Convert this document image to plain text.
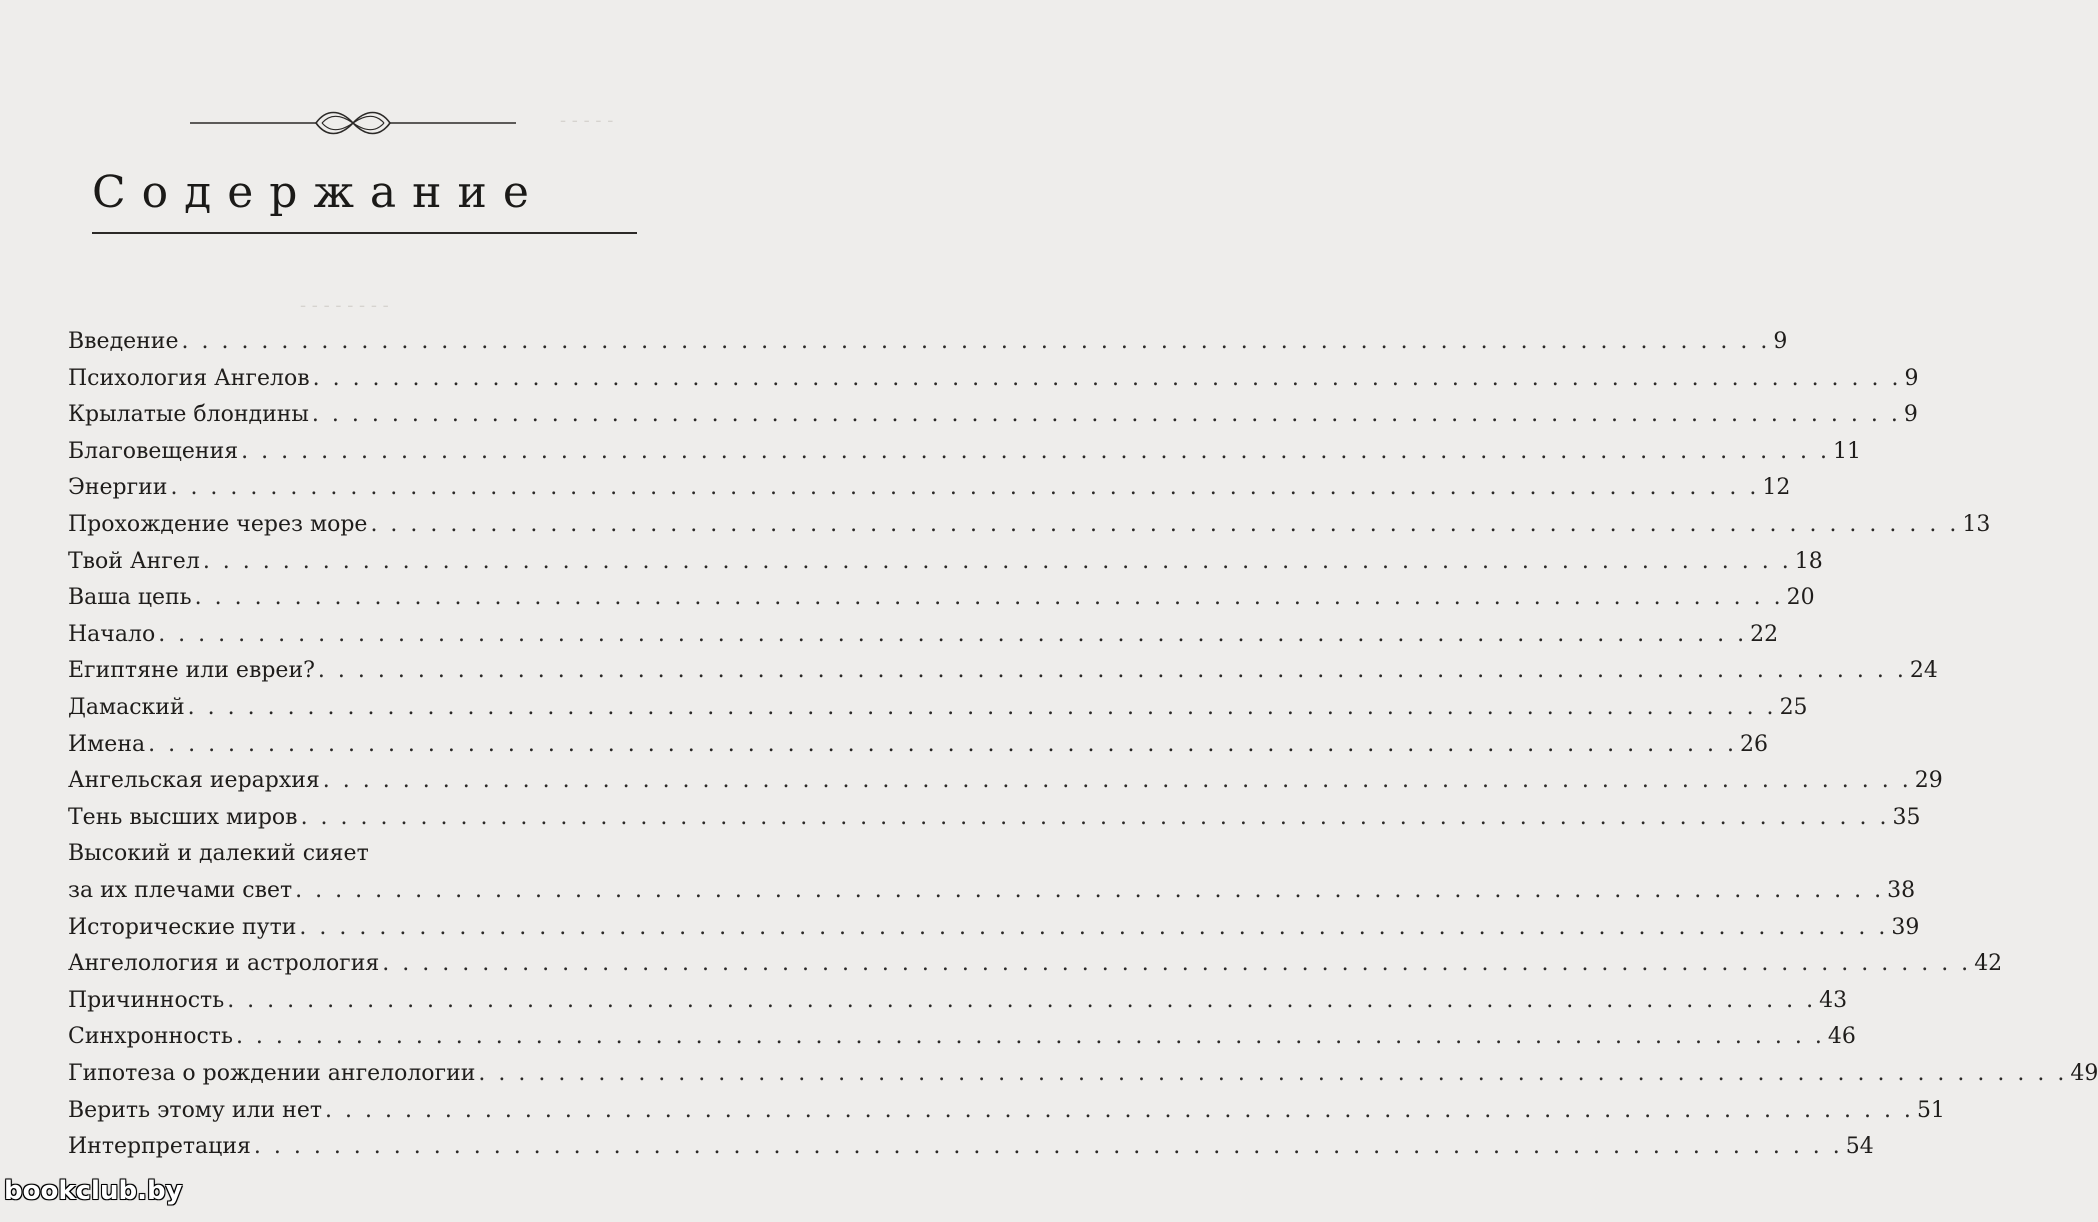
- - - - -
- - - - - - - -
Содержание
Введение . . . . . . . . . . . . . . . . . . . . . . . . . . . . . . . . . . . . . . . . . . . . . . . . . . . . . . . . . . . . . . . . . . . . . . . . . . . . . . . . 9
Психология Ангелов . . . . . . . . . . . . . . . . . . . . . . . . . . . . . . . . . . . . . . . . . . . . . . . . . . . . . . . . . . . . . . . . . . . . . . . . . . . . . . . . 9
Крылатые блондины . . . . . . . . . . . . . . . . . . . . . . . . . . . . . . . . . . . . . . . . . . . . . . . . . . . . . . . . . . . . . . . . . . . . . . . . . . . . . . . . 9
Благовещения . . . . . . . . . . . . . . . . . . . . . . . . . . . . . . . . . . . . . . . . . . . . . . . . . . . . . . . . . . . . . . . . . . . . . . . . . . . . . . . . 11
Энергии . . . . . . . . . . . . . . . . . . . . . . . . . . . . . . . . . . . . . . . . . . . . . . . . . . . . . . . . . . . . . . . . . . . . . . . . . . . . . . . . 12
Прохождение через море . . . . . . . . . . . . . . . . . . . . . . . . . . . . . . . . . . . . . . . . . . . . . . . . . . . . . . . . . . . . . . . . . . . . . . . . . . . . . . . . 13
Твой Ангел . . . . . . . . . . . . . . . . . . . . . . . . . . . . . . . . . . . . . . . . . . . . . . . . . . . . . . . . . . . . . . . . . . . . . . . . . . . . . . . . 18
Ваша цепь . . . . . . . . . . . . . . . . . . . . . . . . . . . . . . . . . . . . . . . . . . . . . . . . . . . . . . . . . . . . . . . . . . . . . . . . . . . . . . . . 20
Начало . . . . . . . . . . . . . . . . . . . . . . . . . . . . . . . . . . . . . . . . . . . . . . . . . . . . . . . . . . . . . . . . . . . . . . . . . . . . . . . . 22
Египтяне или евреи? . . . . . . . . . . . . . . . . . . . . . . . . . . . . . . . . . . . . . . . . . . . . . . . . . . . . . . . . . . . . . . . . . . . . . . . . . . . . . . . . 24
Дамаский . . . . . . . . . . . . . . . . . . . . . . . . . . . . . . . . . . . . . . . . . . . . . . . . . . . . . . . . . . . . . . . . . . . . . . . . . . . . . . . . 25
Имена . . . . . . . . . . . . . . . . . . . . . . . . . . . . . . . . . . . . . . . . . . . . . . . . . . . . . . . . . . . . . . . . . . . . . . . . . . . . . . . . 26
Ангельская иерархия . . . . . . . . . . . . . . . . . . . . . . . . . . . . . . . . . . . . . . . . . . . . . . . . . . . . . . . . . . . . . . . . . . . . . . . . . . . . . . . . 29
Тень высших миров . . . . . . . . . . . . . . . . . . . . . . . . . . . . . . . . . . . . . . . . . . . . . . . . . . . . . . . . . . . . . . . . . . . . . . . . . . . . . . . . 35
Высокий и далекий сияет
за их плечами свет . . . . . . . . . . . . . . . . . . . . . . . . . . . . . . . . . . . . . . . . . . . . . . . . . . . . . . . . . . . . . . . . . . . . . . . . . . . . . . . . 38
Исторические пути . . . . . . . . . . . . . . . . . . . . . . . . . . . . . . . . . . . . . . . . . . . . . . . . . . . . . . . . . . . . . . . . . . . . . . . . . . . . . . . . 39
Ангелология и астрология . . . . . . . . . . . . . . . . . . . . . . . . . . . . . . . . . . . . . . . . . . . . . . . . . . . . . . . . . . . . . . . . . . . . . . . . . . . . . . . . 42
Причинность . . . . . . . . . . . . . . . . . . . . . . . . . . . . . . . . . . . . . . . . . . . . . . . . . . . . . . . . . . . . . . . . . . . . . . . . . . . . . . . . 43
Синхронность . . . . . . . . . . . . . . . . . . . . . . . . . . . . . . . . . . . . . . . . . . . . . . . . . . . . . . . . . . . . . . . . . . . . . . . . . . . . . . . . 46
Гипотеза о рождении ангелологии . . . . . . . . . . . . . . . . . . . . . . . . . . . . . . . . . . . . . . . . . . . . . . . . . . . . . . . . . . . . . . . . . . . . . . . . . . . . . . . . 49
Верить этому или нет . . . . . . . . . . . . . . . . . . . . . . . . . . . . . . . . . . . . . . . . . . . . . . . . . . . . . . . . . . . . . . . . . . . . . . . . . . . . . . . . 51
Интерпретация . . . . . . . . . . . . . . . . . . . . . . . . . . . . . . . . . . . . . . . . . . . . . . . . . . . . . . . . . . . . . . . . . . . . . . . . . . . . . . . . 54
bookclub.by
